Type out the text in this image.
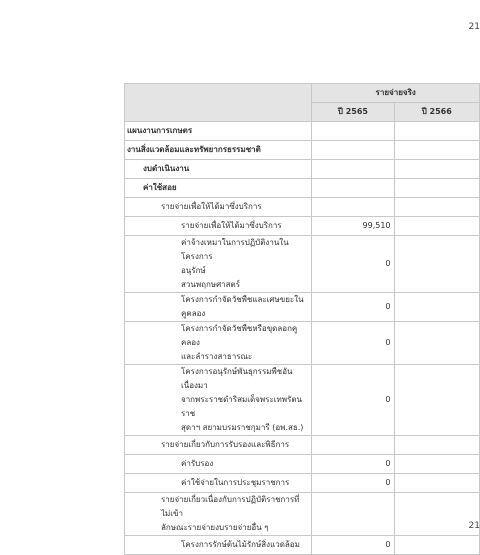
21
	รายจ่ายจริง	
	ปี 2565	ปี 2566
แผนงานการเกษตร		
งานสิ่งแวดล้อมและทรัพยากรธรรมชาติ		
งบดำเนินงาน		
ค่าใช้สอย		
รายจ่ายเพื่อให้ได้มาซึ่งบริการ		
รายจ่ายเพื่อให้ได้มาซึ่งบริการ	99,510	

ค่าจ้างเหมาในการปฏิบัติงานในโครงการ
อนุรักษ์
สวนพฤกษศาสตร์	0	
โครงการกำจัดวัชพืชและเศษขยะในคูคลอง	0	

โครงการกำจัดวัชพืชหรือขุดลอกคูคลอง
และลำรางสาธารณะ	0	

โครงการอนุรักษ์พันธุกรรมพืชอันเนื่องมา
จากพระราชดำริสมเด็จพระเทพรัตนราช
สุดาฯ สยามบรมราชกุมารี (อพ.สธ.)	0	
รายจ่ายเกี่ยวกับการรับรองและพิธีการ		
ค่ารับรอง	0	
ค่าใช้จ่ายในการประชุมราชการ	0	

รายจ่ายเกี่ยวเนื่องกับการปฏิบัติราชการที่ไม่เข้า
ลักษณะรายจ่ายงบรายจ่ายอื่น ๆ		

โครงการรักษ์ต้นไม้รักษ์สิ่งแวดล้อม	0	
21
